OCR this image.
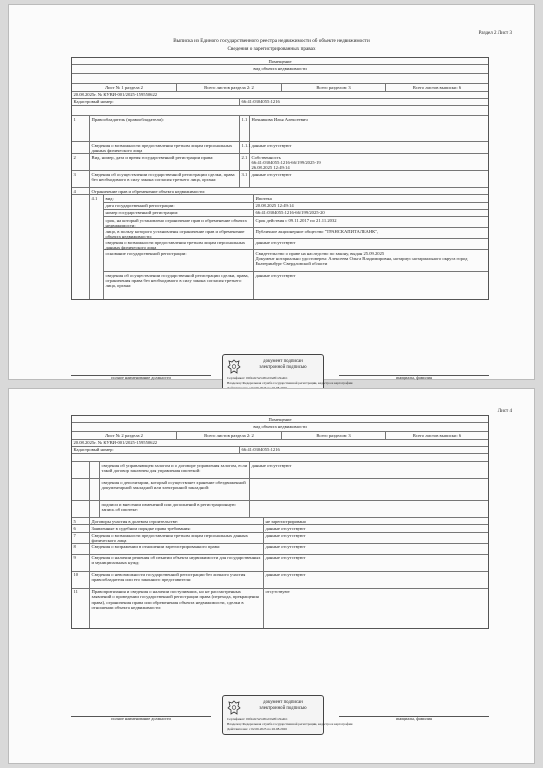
Раздел 2 Лист 3
Выписка из Единого государственного реестра недвижимости об объекте недвижимости
Сведения о зарегистрированных правах
Помещение
вид объекта недвижимости
Лист № 1 раздела 2	Всего листов раздела 2: 2	Всего разделов: 3	Всего листов выписки: 6
20.08.2025г. № КУВИ-001/2025-159550622
Кадастровый номер:	66:41:0304055:1216
1	Правообладатель (правообладатели):	1.1 Ночникова Илья Алексеевич
Сведения о возможности предоставления третьим лицам персональных данных физического лица
1.1.1 данные отсутствуют
2	Вид, номер, дата и время государственной регистрации права:	2.1 Собственность
66:41:0304055:1216-66/199/2025-19
26.08.2025 12:49:14
3	Сведения об осуществлении государственной регистрации сделки, права без необходимого в силу закона согласия третьего лица, органа:
3.1 данные отсутствуют
4	Ограничение прав и обременение объекта недвижимости:
4.1	вид:	Ипотека
дата государственной регистрации:	20.08.2025 12:49:14
номер государственной регистрации:	66:41:0304055:1216-66/199/2025-20
срок, на который установлено ограничение прав и обременение объекта недвижимости:
Срок действия с 09.11.2017 по 21.11.2032
лицо, в пользу которого установлены ограничение прав и обременение объекта недвижимости:
Публичное акционерное общество "ТРАНСКАПИТАЛБАНК",
сведения о возможности предоставления третьим лицам персональных данных физического лица
данные отсутствуют
основание государственной регистрации:	Свидетельство о праве на наследство по закону, выдан 25.09.2025
Документ нотариально удостоверен: Алексеева Ольга Владимировна, нотариус нотариального округа город Екатеринбург Свердловской области
сведения об осуществлении государственной регистрации сделки, права, ограничения права без необходимого в силу закона согласия третьего лица, органа:
данные отсутствуют
документ подписан
электронной подписью
Сертификат: 00f2a0c5a5d3b2c0e8f1c9a4b1
Владелец: Федеральная служба государственной регистрации, кадастра и картографии
полное наименование должности	инициалы, фамилия
Лист 4
Помещение
вид объекта недвижимости
Лист № 2 раздела 2	Всего листов раздела 2: 2	Всего разделов: 3	Всего листов выписки: 6
20.08.2025г. № КУВИ-001/2025-159550622
Кадастровый номер:	66:41:0304055:1216
сведения об управляющем залогом и о договоре управления залогом, если такой договор заключен для управления ипотекой:
данные отсутствуют
сведения о депозитарии, который осуществляет хранение обездвиженной документарной закладной или электронной закладной:
подписи и внесении изменений или дополнений в регистрационную запись об ипотеке:
5	Договоры участия в долевом строительстве:	не зарегистрировано
6	Заявленные в судебном порядке права требования:	данные отсутствуют
7	Сведения о возможности предоставления третьим лицам персональных данных физического лица
данные отсутствуют
8	Сведения о возражении в отношении зарегистрированного права:	данные отсутствуют
9	Сведения о наличии решения об изъятии объекта недвижимости для государственных и муниципальных нужд:
данные отсутствуют
10	Сведения о невозможности государственной регистрации без личного участия правообладателя или его законного представителя:
данные отсутствуют
11	Правопритязания и сведения о наличии поступивших, но не рассмотренных заявлений о проведении государственной регистрации права (перехода, прекращения права), ограничения права или обременения объекта недвижимости, сделки в отношении объекта недвижимости:
отсутствуют
документ подписан
электронной подписью
Сертификат: 00f2a0c5a5d3b2c0e8f1c9a4b1
Владелец: Федеральная служба государственной регистрации, кадастра и картографии
Действителен: с 02.06.2025 по 26.08.2026
полное наименование должности	инициалы, фамилия
